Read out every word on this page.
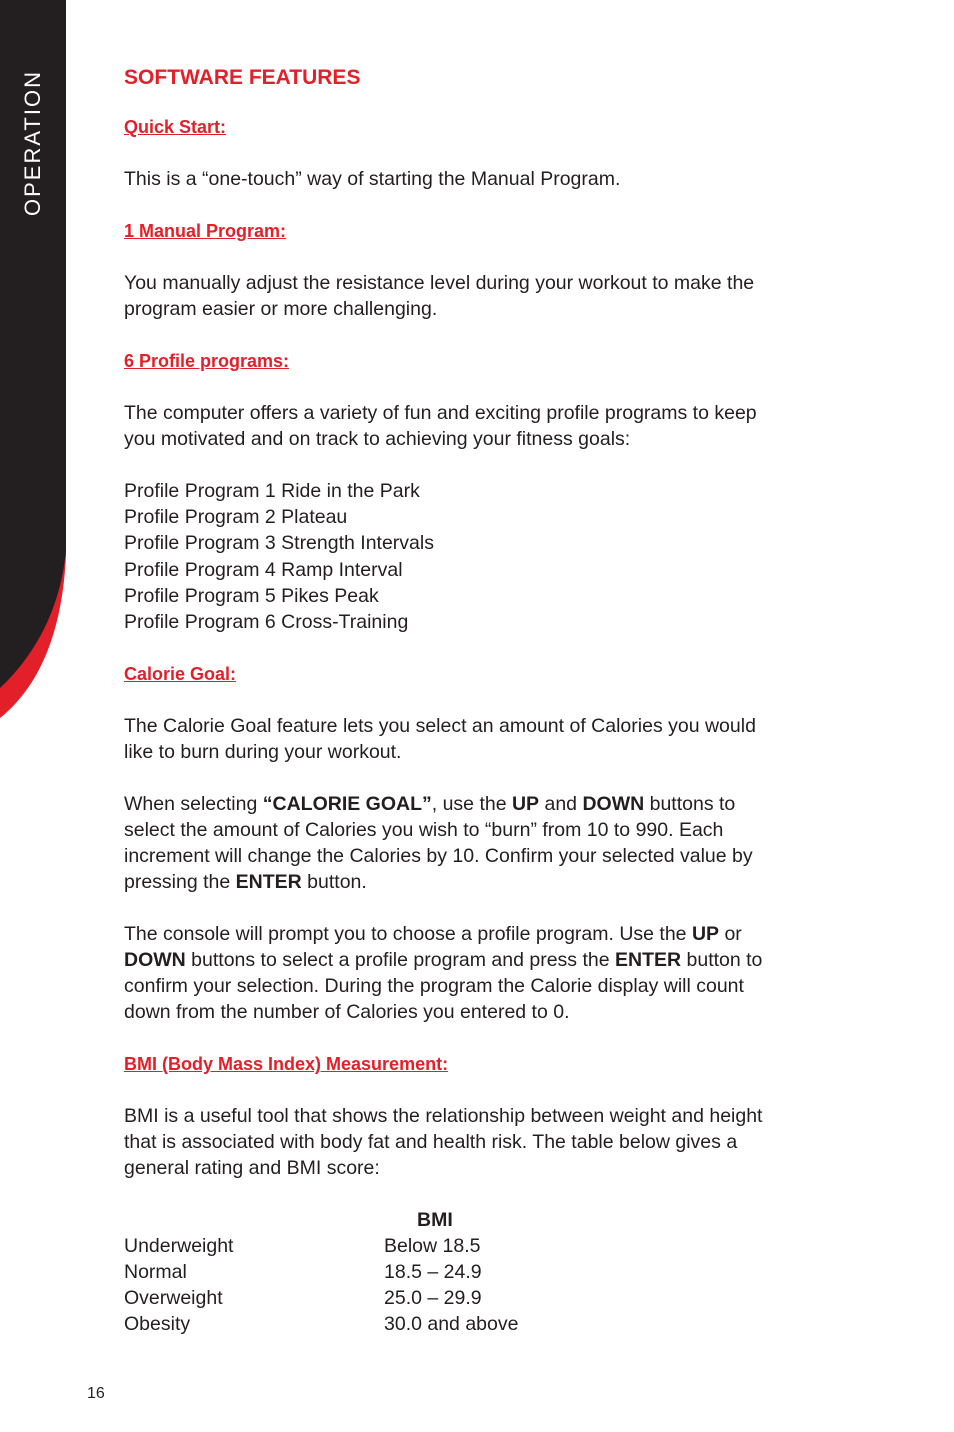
OPERATION	SOFTWARE FEATURES
Quick Start:

This is a “one-touch” way of starting the Manual Program.

1 Manual Program:

You manually adjust the resistance level during your workout to make the
program easier or more challenging.

6 Profile programs:

The computer offers a variety of fun and exciting profile programs to keep
you motivated and on track to achieving your fitness goals:

Profile Program 1 Ride in the Park
Profile Program 2 Plateau
Profile Program 3 Strength Intervals
Profile Program 4 Ramp Interval
Profile Program 5 Pikes Peak
Profile Program 6 Cross-Training
Calorie Goal:

The Calorie Goal feature lets you select an amount of Calories you would
like to burn during your workout.

When selecting “CALORIE GOAL”, use the UP and DOWN buttons to
select the amount of Calories you wish to “burn” from 10 to 990. Each
increment will change the Calories by 10. Confirm your selected value by
pressing the ENTER button.

The console will prompt you to choose a profile program. Use the UP or
DOWN buttons to select a profile program and press the ENTER button to
confirm your selection. During the program the Calorie display will count
down from the number of Calories you entered to 0.

BMI (Body Mass Index) Measurement:

BMI is a useful tool that shows the relationship between weight and height
that is associated with body fat and health risk. The table below gives a
general rating and BMI score:

BMI
Underweight	Below 18.5
Normal	18.5 – 24.9
Overweight	25.0 – 29.9
Obesity	30.0 and above
16
